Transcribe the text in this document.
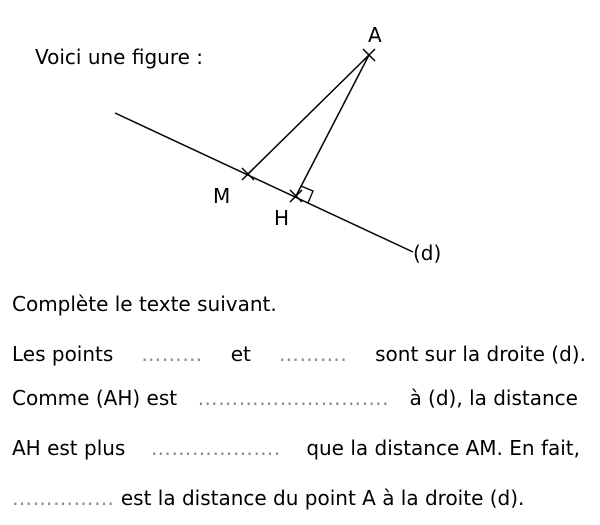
Voici une figure :
A
M
H
(d)
Complète le texte suivant.
Les points ……… et ………. sont sur la droite (d).
Comme (AH) est ………………………. à (d), la distance
AH est plus ………………. que la distance AM. En fait,
…………… est la distance du point A à la droite (d).
